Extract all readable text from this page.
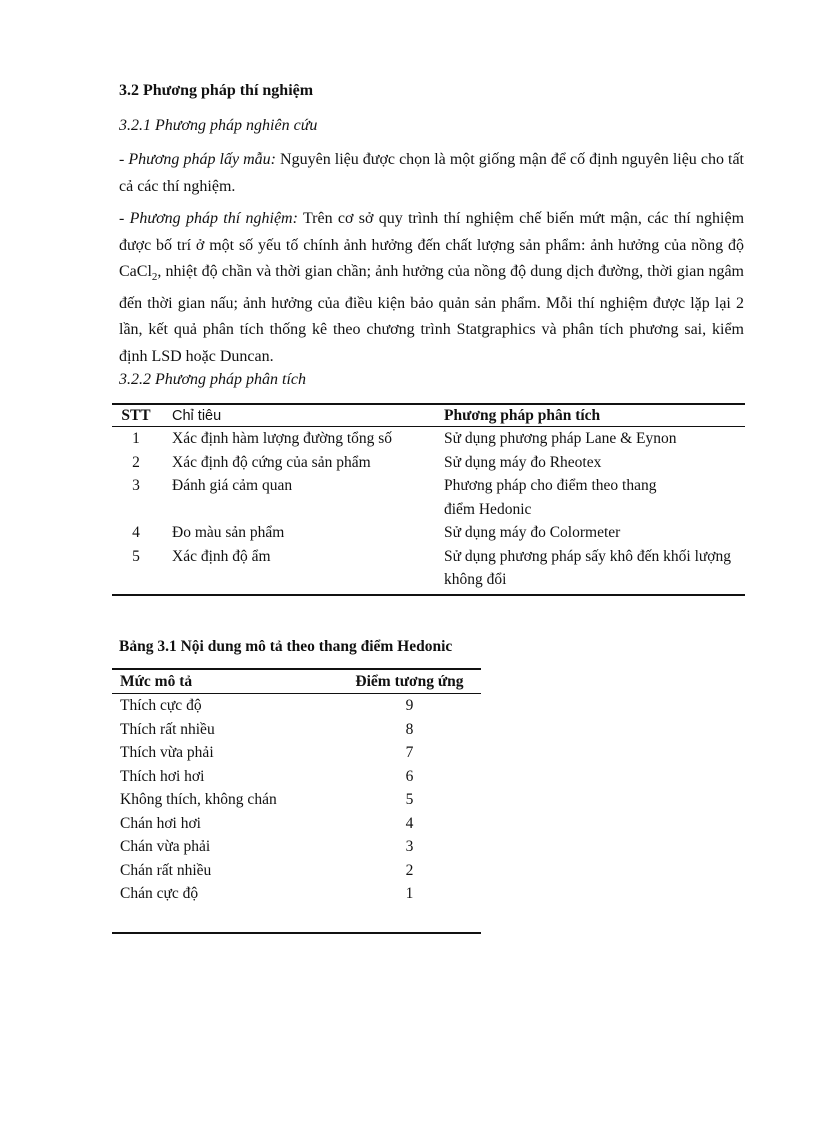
3.2 Phương pháp thí nghiệm
3.2.1 Phương pháp nghiên cứu

- Phương pháp lấy mẫu: Nguyên liệu được chọn là một giống mận để cố định nguyên liệu cho tất cả các thí nghiệm.

- Phương pháp thí nghiệm: Trên cơ sở quy trình thí nghiệm chế biến mứt mận, các thí nghiệm được bố trí ở một số yếu tố chính ảnh hưởng đến chất lượng sản phẩm: ảnh hưởng của nồng độ CaCl$_2$, nhiệt độ chần và thời gian chần; ảnh hưởng của nồng độ dung dịch đường, thời gian ngâm đến thời gian nấu; ảnh hưởng của điều kiện bảo quản sản phẩm. Mỗi thí nghiệm được lặp lại 2 lần, kết quả phân tích thống kê theo chương trình Statgraphics và phân tích phương sai, kiểm định LSD hoặc Duncan.

3.2.2 Phương pháp phân tích
STT	Chỉ tiêu	Phương pháp phân tích
1	Xác định hàm lượng đường tổng số	Sử dụng phương pháp Lane & Eynon
2	Xác định độ cứng của sản phẩm	Sử dụng máy đo Rheotex
3	Đánh giá cảm quan	Phương pháp cho điểm theo thang điểm Hedonic
4	Đo màu sản phẩm	Sử dụng máy đo Colormeter
5	Xác định độ ẩm	Sử dụng phương pháp sấy khô đến khối lượng không đổi
Bảng 3.1 Nội dung mô tả theo thang điểm Hedonic
Mức mô tả	Điểm tương ứng
Thích cực độ	9
Thích rất nhiều	8
Thích vừa phải	7
Thích hơi hơi	6
Không thích, không chán	5
Chán hơi hơi	4
Chán vừa phải	3
Chán rất nhiều	2
Chán cực độ	1
